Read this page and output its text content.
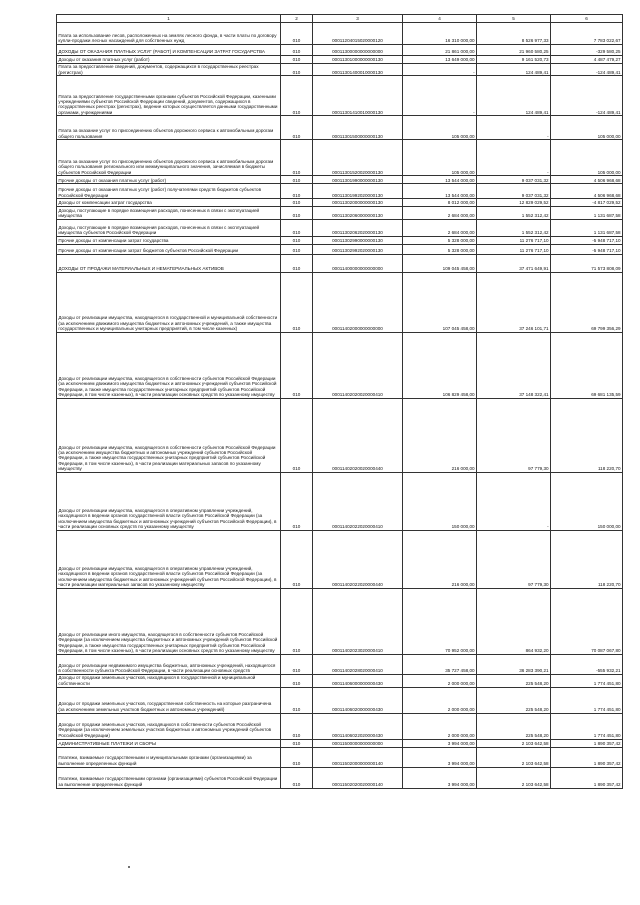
1	2	3	4	5	6
Плата за использование лесов, расположенных на землях лесного фонда, в части платы по договору купли-продажи лесных насаждений для собственных нужд	010	00011204015020000120	16 310 000,00	8 526 977,33	7 783 022,67
ДОХОДЫ ОТ ОКАЗАНИЯ ПЛАТНЫХ УСЛУГ (РАБОТ) И КОМПЕНСАЦИИ ЗАТРАТ ГОСУДАРСТВА	010	00011300000000000000	21 861 000,00	21 960 580,25	-329 580,25
Доходы от оказания платных услуг (работ)	010	00011301000000000130	13 649 000,00	9 161 520,73	4 487 479,27
Плата за предоставление сведений, документов, содержащихся в государственных реестрах (регистрах)	010	00011301400010000130	-	124 489,41	-124 489,41
Плата за предоставление государственными органами субъектов Российской Федерации, казенными учреждениями субъектов Российской Федерации сведений, документов, содержащихся в государственных реестрах (регистрах), ведение которых осуществляется данными государственными органами, учреждениями	010	00011301410010000130	-	124 489,41	-124 489,41
Плата за оказание услуг по присоединению объектов дорожного сервиса к автомобильным дорогам общего пользования	010	00011301500000000130	105 000,00	-	105 000,00
Плата за оказание услуг по присоединению объектов дорожного сервиса к автомобильным дорогам общего пользования регионального или межмуниципального значения, зачисляемая в бюджеты субъектов Российской Федерации	010	00011301520020000130	105 000,00	-	105 000,00
Прочие доходы от оказания платных услуг (работ)	010	00011301990000000130	13 544 000,00	9 037 031,32	4 506 968,68
Прочие доходы от оказания платных услуг (работ) получателями средств бюджетов субъектов Российской Федерации	010	00011301992020000130	13 544 000,00	9 037 031,32	4 506 968,68
Доходы от компенсации затрат государства	010	00011302000000000130	8 012 000,00	12 829 029,52	-4 817 029,52
Доходы, поступающие в порядке возмещения расходов, понесенных в связи с эксплуатацией имущества	010	00011302060000000130	2 684 000,00	1 552 312,42	1 131 687,58
Доходы, поступающие в порядке возмещения расходов, понесенных в связи с эксплуатацией имущества субъектов Российской Федерации	010	00011302062020000130	2 684 000,00	1 552 312,42	1 131 687,58
Прочие доходы от компенсации затрат государства	010	00011302990000000130	5 328 000,00	11 276 717,10	-5 948 717,10
Прочие доходы от компенсации затрат бюджетов субъектов Российской Федерации	010	00011302992020000130	5 328 000,00	11 276 717,10	-5 948 717,10
ДОХОДЫ ОТ ПРОДАЖИ МАТЕРИАЛЬНЫХ И НЕМАТЕРИАЛЬНЫХ АКТИВОВ	010	00011400000000000000	109 045 458,00	37 471 649,91	71 573 808,09
Доходы от реализации имущества, находящегося в государственной и муниципальной собственности (за исключением движимого имущества бюджетных и автономных учреждений, а также имущества государственных и муниципальных унитарных предприятий, в том числе казенных)	010	00011402000000000000	107 045 458,00	37 246 101,71	69 799 356,29
Доходы от реализации имущества, находящегося в собственности субъектов Российской Федерации (за исключением движимого имущества бюджетных и автономных учреждений субъектов Российской Федерации, а также имущества государственных унитарных предприятий субъектов Российской Федерации, в том числе казенных), в части реализации основных средств по указанному имуществу	010	00011402020020000410	106 829 458,00	37 148 322,41	69 681 135,59
Доходы от реализации имущества, находящегося в собственности субъектов Российской Федерации (за исключением имущества бюджетных и автономных учреждений субъектов Российской Федерации, а также имущества государственных унитарных предприятий субъектов Российской Федерации, в том числе казенных), в части реализации материальных запасов по указанному имуществу	010	00011402020020000440	216 000,00	97 779,30	118 220,70
Доходы от реализации имущества, находящегося в оперативном управлении учреждений, находящихся в ведении органов государственной власти субъектов Российской Федерации (за исключением имущества бюджетных и автономных учреждений субъектов Российской Федерации), в части реализации основных средств по указанному имуществу	010	00011402022020000410	150 000,00	-	150 000,00
Доходы от реализации имущества, находящегося в оперативном управлении учреждений, находящихся в ведении органов государственной власти субъектов Российской Федерации (за исключением имущества бюджетных и автономных учреждений субъектов Российской Федерации), в части реализации материальных запасов по указанному имуществу	010	00011402022020000440	216 000,00	97 779,30	118 220,70
Доходы от реализации иного имущества, находящегося в собственности субъектов Российской Федерации (за исключением имущества бюджетных и автономных учреждений субъектов Российской Федерации, а также имущества государственных унитарных предприятий субъектов Российской Федерации, в том числе казенных), в части реализации основных средств по указанному имуществу	010	00011402023020000410	70 952 000,00	864 932,20	70 087 067,80
Доходы от реализации недвижимого имущества бюджетных, автономных учреждений, находящегося в собственности субъекта Российской Федерации, в части реализации основных средств	010	00011402028020000410	35 727 458,00	36 283 390,21	-555 932,21
Доходы от продажи земельных участков, находящихся в государственной и муниципальной собственности	010	00011406000000000430	2 000 000,00	225 548,20	1 774 451,80
Доходы от продажи земельных участков, государственная собственность на которые разграничена (за исключением земельных участков бюджетных и автономных учреждений)	010	00011406020000000430	2 000 000,00	225 548,20	1 774 451,80
Доходы от продажи земельных участков, находящихся в собственности субъектов Российской Федерации (за исключением земельных участков бюджетных и автономных учреждений субъектов Российской Федерации)	010	00011406022020000430	2 000 000,00	225 548,20	1 774 451,80
АДМИНИСТРАТИВНЫЕ ПЛАТЕЖИ И СБОРЫ	010	00011500000000000000	3 994 000,00	2 103 642,58	1 890 357,42
Платежи, взимаемые государственными и муниципальными органами (организациями) за выполнение определенных функций	010	00011502000000000140	3 994 000,00	2 103 642,58	1 890 357,42
Платежи, взимаемые государственными органами (организациями) субъектов Российской Федерации за выполнение определенных функций	010	00011502020020000140	3 994 000,00	2 103 642,58	1 890 357,42
